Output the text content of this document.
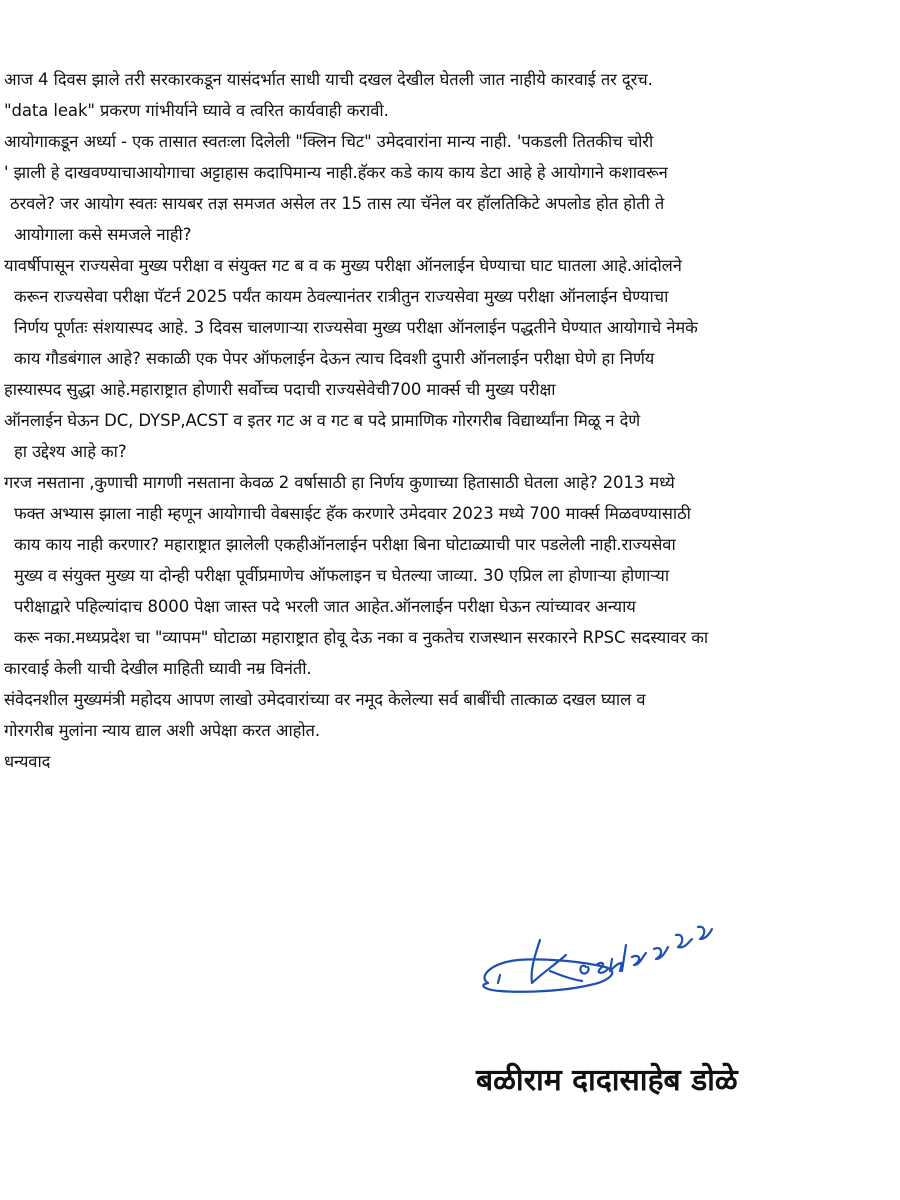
आज 4 दिवस झाले तरी सरकारकडून यासंदर्भात साधी याची दखल देखील घेतली जात नाहीये कारवाई तर दूरच.
"data leak" प्रकरण गांभीर्याने घ्यावे व त्वरित कार्यवाही करावी.
आयोगाकडून अर्ध्या - एक तासात स्वतःला दिलेली "क्लिन चिट" उमेदवारांना मान्य नाही. 'पकडली तितकीच चोरी
' झाली हे दाखवण्याचाआयोगाचा अट्टाहास कदापिमान्य नाही.हॅकर कडे काय काय डेटा आहे हे आयोगाने कशावरून
ठरवले? जर आयोग स्वतः सायबर तज्ञ समजत असेल तर 15 तास त्या चॅनेल वर हॉलतिकिटे अपलोड होत होती ते
आयोगाला कसे समजले नाही?
यावर्षीपासून राज्यसेवा मुख्य परीक्षा व संयुक्त गट ब व क मुख्य परीक्षा ऑनलाईन घेण्याचा घाट घातला आहे.आंदोलने
करून राज्यसेवा परीक्षा पॅटर्न 2025 पर्यंत कायम ठेवल्यानंतर रात्रीतुन राज्यसेवा मुख्य परीक्षा ऑनलाईन घेण्याचा
निर्णय पूर्णतः संशयास्पद आहे. 3 दिवस चालणाऱ्या राज्यसेवा मुख्य परीक्षा ऑनलाईन पद्धतीने घेण्यात आयोगाचे नेमके
काय गौडबंगाल आहे? सकाळी एक पेपर ऑफलाईन देऊन त्याच दिवशी दुपारी ऑनलाईन परीक्षा घेणे हा निर्णय
हास्यास्पद सुद्धा आहे.महाराष्ट्रात होणारी सर्वोच्च पदाची राज्यसेवेची700 मार्क्स ची मुख्य परीक्षा
ऑनलाईन घेऊन DC, DYSP,ACST व इतर गट अ व गट ब पदे प्रामाणिक गोरगरीब विद्यार्थ्यांना मिळू न देणे
हा उद्देश्य आहे का?
गरज नसताना ,कुणाची मागणी नसताना केवळ 2 वर्षासाठी हा निर्णय कुणाच्या हितासाठी घेतला आहे? 2013 मध्ये
फक्त अभ्यास झाला नाही म्हणून आयोगाची वेबसाईट हॅक करणारे उमेदवार 2023 मध्ये 700 मार्क्स मिळवण्यासाठी
काय काय नाही करणार? महाराष्ट्रात झालेली एकहीऑनलाईन परीक्षा बिना घोटाळ्याची पार पडलेली नाही.राज्यसेवा
मुख्य व संयुक्त मुख्य या दोन्ही परीक्षा पूर्वीप्रमाणेच ऑफलाइन च घेतल्या जाव्या. 30 एप्रिल ला होणाऱ्या होणाऱ्या
परीक्षाद्वारे पहिल्यांदाच 8000 पेक्षा जास्त पदे भरली जात आहेत.ऑनलाईन परीक्षा घेऊन त्यांच्यावर अन्याय
करू नका.मध्यप्रदेश चा "व्यापम" घोटाळा महाराष्ट्रात होवू देऊ नका व नुकतेच राजस्थान सरकारने RPSC सदस्यावर का
कारवाई केली याची देखील माहिती घ्यावी नम्र विनंती.
संवेदनशील मुख्यमंत्री महोदय आपण लाखो उमेदवारांच्या वर नमूद केलेल्या सर्व बाबींची तात्काळ दखल घ्याल व
गोरगरीब मुलांना न्याय द्याल अशी अपेक्षा करत आहोत.
धन्यवाद
बळीराम दादासाहेब डोळे
